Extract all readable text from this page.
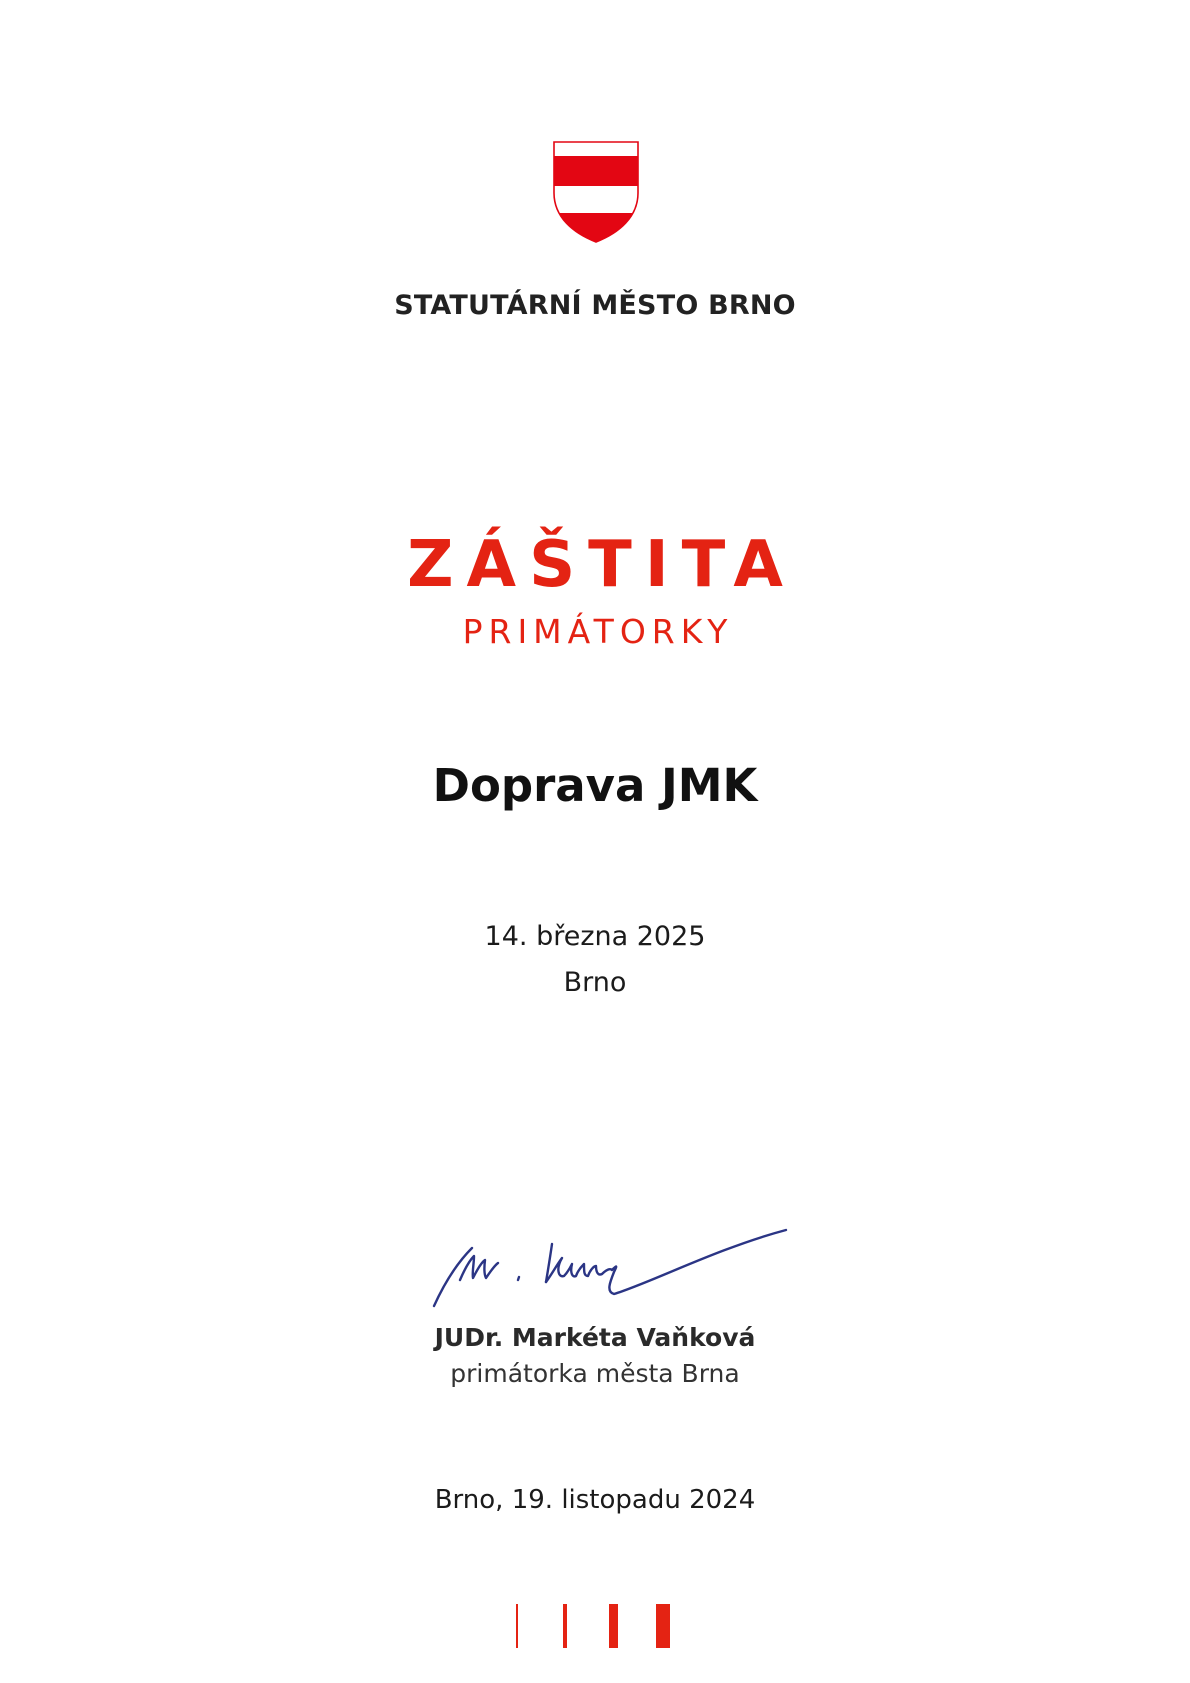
STATUTÁRNÍ MĚSTO BRNO

ZÁŠTITA

PRIMÁTORKY

Doprava JMK

14. března 2025

Brno

JUDr. Markéta Vaňková

primátorka města Brna

Brno, 19. listopadu 2024
